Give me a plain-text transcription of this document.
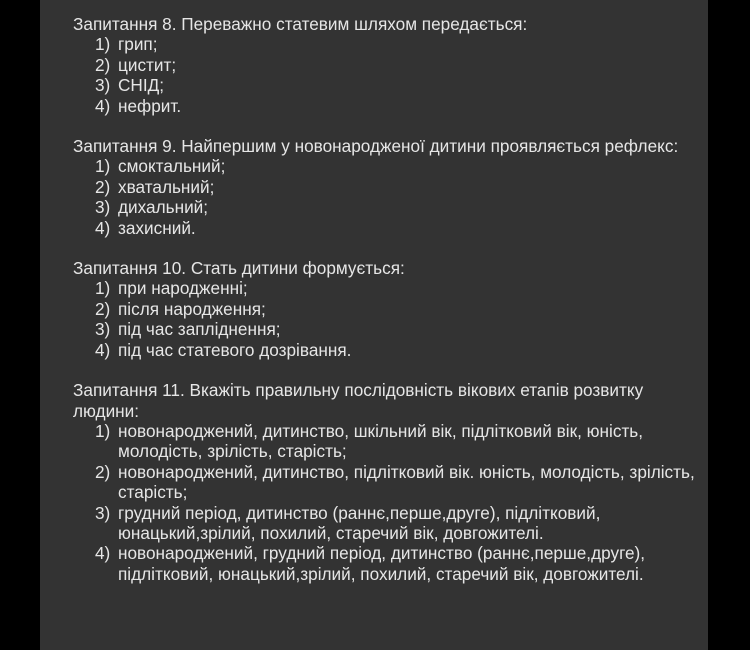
Запитання 8. Переважно статевим шляхом передається:

1) грип;
2) цистит;
3) СНІД;
4) нефрит.

Запитання 9. Найпершим у новонародженої дитини проявляється рефлекс:

1) смоктальний;
2) хватальний;
3) дихальний;
4) захисний.

Запитання 10. Стать дитини формується:

1) при народженні;
2) після народження;
3) під час запліднення;
4) під час статевого дозрівання.

Запитання 11. Вкажіть правильну послідовність вікових етапів розвитку людини:

1) новонароджений, дитинство, шкільний вік, підлітковий вік, юність, молодість, зрілість, старість;
2) новонароджений, дитинство, підлітковий вік. юність, молодість, зрілість, старість;
3) грудний період, дитинство (раннє,перше,друге), підлітковий, юнацький,зрілий, похилий, старечий вік, довгожителі.
4) новонароджений, грудний період, дитинство (раннє,перше,друге), підлітковий, юнацький,зрілий, похилий, старечий вік, довгожителі.
